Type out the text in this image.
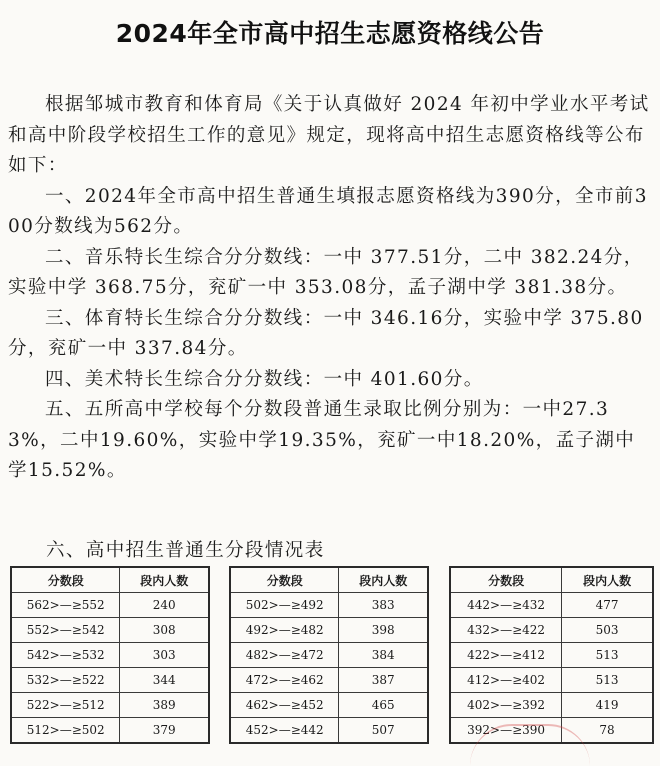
2024年全市高中招生志愿资格线公告

根据邹城市教育和体育局《关于认真做好 2024 年初中学业水平考试和高中阶段学校招生工作的意见》规定，现将高中招生志愿资格线等公布如下：

一、2024年全市高中招生普通生填报志愿资格线为390分，全市前300分数线为562分。

二、音乐特长生综合分分数线：一中 377.51分，二中 382.24分，实验中学 368.75分，兖矿一中 353.08分，孟子湖中学 381.38分。

三、体育特长生综合分分数线：一中 346.16分，实验中学 375.80分，兖矿一中 337.84分。

四、美术特长生综合分分数线：一中 401.60分。

五、五所高中学校每个分数段普通生录取比例分别为：一中27.33%，二中19.60%，实验中学19.35%，兖矿一中18.20%，孟子湖中学15.52%。

六、高中招生普通生分段情况表
分数段	段内人数
562>—≥552	240
552>—≥542	308
542>—≥532	303
532>—≥522	344
522>—≥512	389
512>—≥502	379
分数段	段内人数
502>—≥492	383
492>—≥482	398
482>—≥472	384
472>—≥462	387
462>—≥452	465
452>—≥442	507
分数段	段内人数
442>—≥432	477
432>—≥422	503
422>—≥412	513
412>—≥402	513
402>—≥392	419
392>—≥390	78
